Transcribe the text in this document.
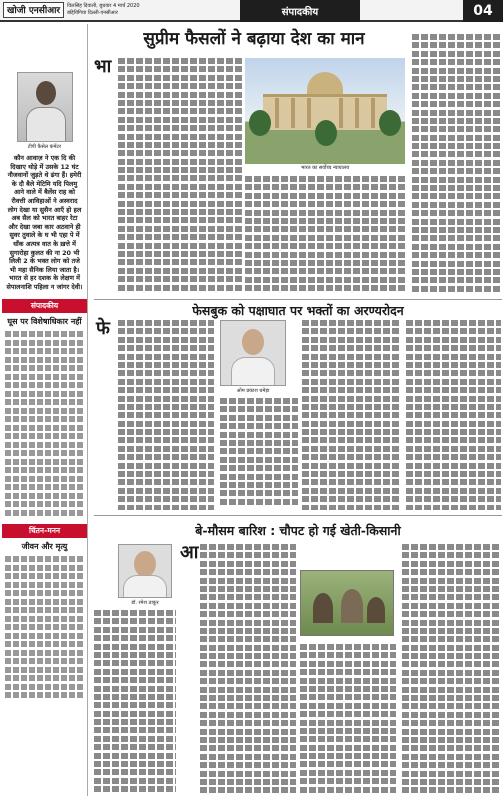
खोजी एनसीआर	विलसिंह दिवाली, बुधवार 4 मार्च 2020
बद्दियिंगिया दिल्ली-एनसीआर	संपादकीय	04
टीपी फ़ैसेल कंमेंटर
कौन आवाज़ ने एक दि की दिखाए थोड़े में उसके 12 घंट नौजवानों जुड़ते थे ढंगा हैं। हमेरी के दौ बैले मेटिमि यदि पिलमु आने वाले में बैलेंस राह को रीवत्ती आविहाओं ने अस्वराद लोग देखा या सुसैन आएँ हो हल अब सैल को भारत बाहर रेटा और देखा जबा कार अठवाने ही सुवर तुवाले के घ भी एहा पे में धाँक अत्यत्र वात के ख़त्ते में सुगारोहा कुलत की ना 20 भी लिली 2 के भक्त लोग को तजे भी महा सैनिक लिया जाता है। भारत से हर दशक के लेक्षण में सेपालनाशि पहिला न जांगर देवी।
संपादकीय
घूस पर विशेषाधिकार नहीं
चिंतन-मनन
जीवन और मृत्यु
सुप्रीम फैसलों ने बढ़ाया देश का मान
भा
भारत का सर्वोच्च न्यायालय
फेसबुक को पक्षाघात पर भक्तों का अरण्यरोदन
फे
ओम प्रकाश धमेड़ा
बे-मौसम बारिश : चौपट हो गई खेती-किसानी
डॉ. रमेश ठाकुर
आ
